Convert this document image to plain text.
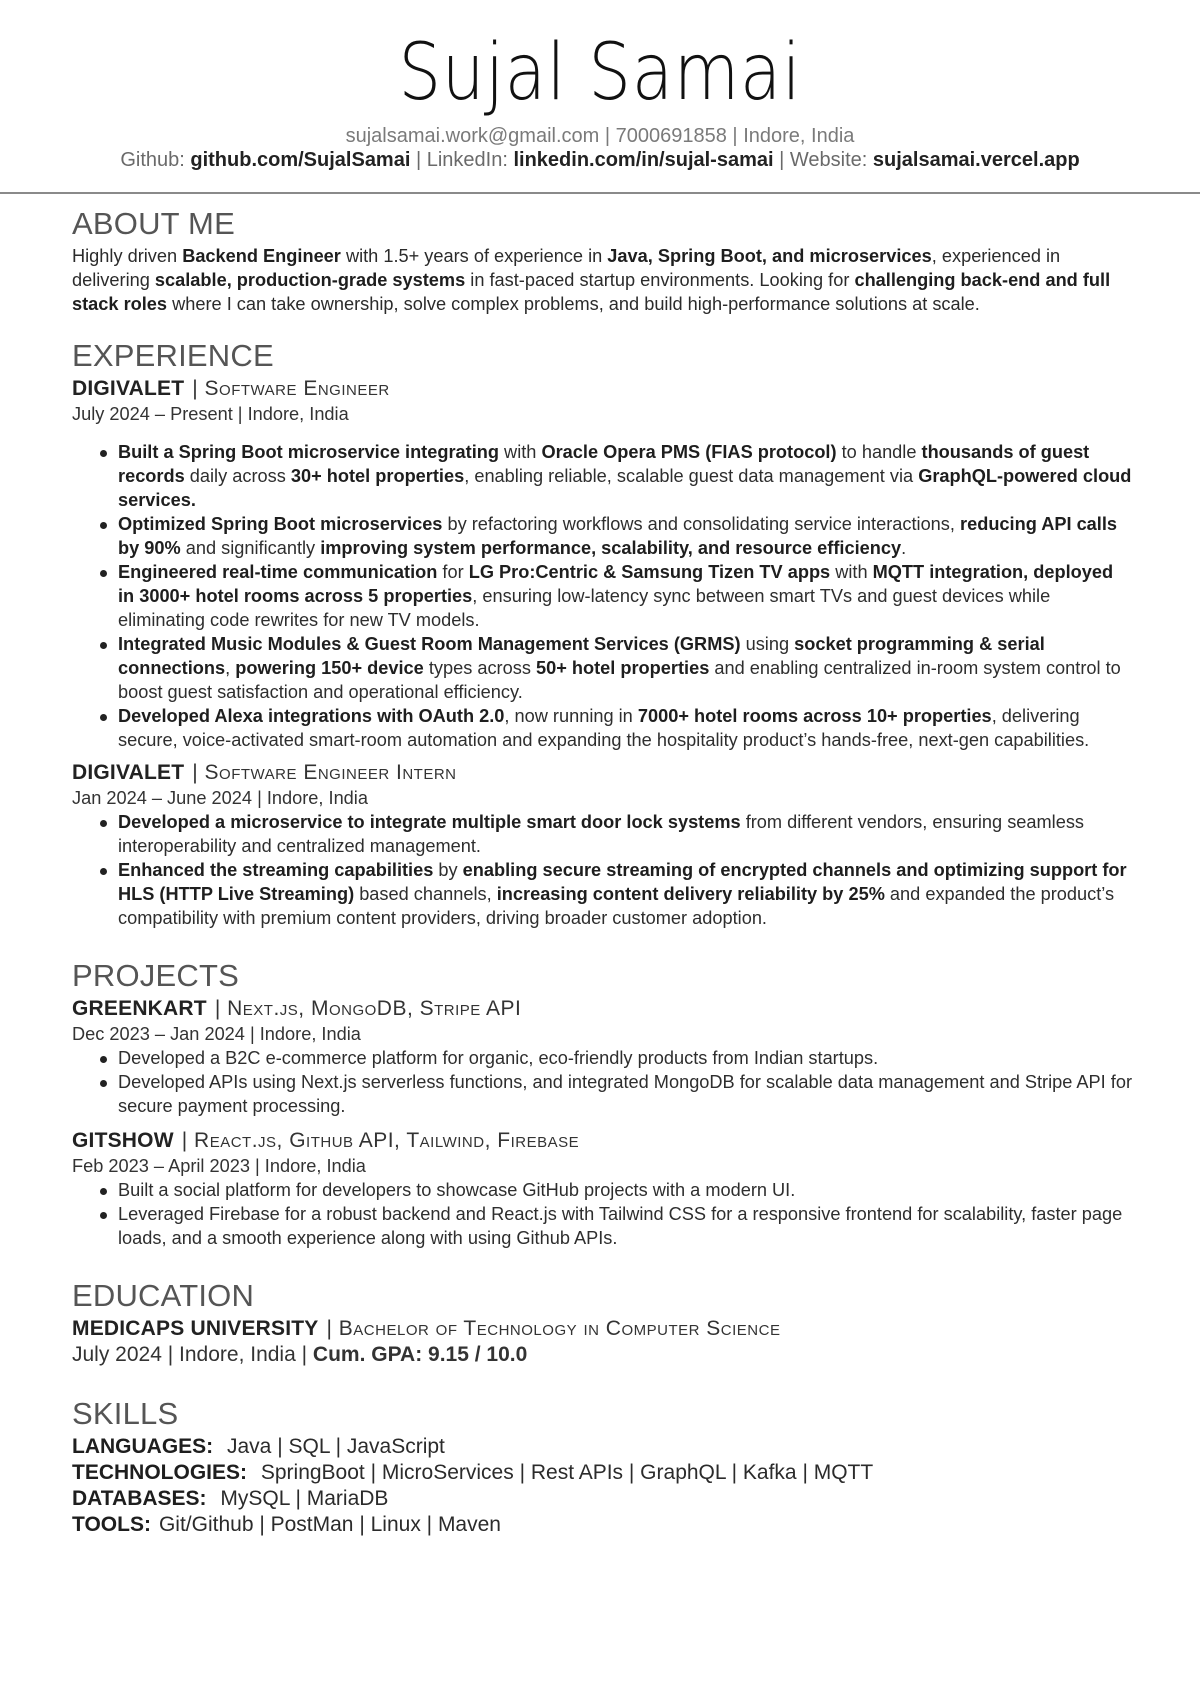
Sujal Samai
sujalsamai.work@gmail.com | 7000691858 | Indore, India
Github: github.com/SujalSamai | LinkedIn: linkedin.com/in/sujal-samai | Website: sujalsamai.vercel.app
ABOUT ME

Highly driven Backend Engineer with 1.5+ years of experience in Java, Spring Boot, and microservices, experienced in delivering scalable, production-grade systems in fast-paced startup environments. Looking for challenging back-end and full stack roles where I can take ownership, solve complex problems, and build high-performance solutions at scale.

EXPERIENCE
DIGIVALET | Software Engineer
July 2024 – Present | Indore, India
Built a Spring Boot microservice integrating with Oracle Opera PMS (FIAS protocol) to handle thousands of guest records daily across 30+ hotel properties, enabling reliable, scalable guest data management via GraphQL-powered cloud services.
Optimized Spring Boot microservices by refactoring workflows and consolidating service interactions, reducing API calls by 90% and significantly improving system performance, scalability, and resource efficiency.
Engineered real-time communication for LG Pro:Centric & Samsung Tizen TV apps with MQTT integration, deployed in 3000+ hotel rooms across 5 properties, ensuring low-latency sync between smart TVs and guest devices while eliminating code rewrites for new TV models.
Integrated Music Modules & Guest Room Management Services (GRMS) using socket programming & serial connections, powering 150+ device types across 50+ hotel properties and enabling centralized in-room system control to boost guest satisfaction and operational efficiency.
Developed Alexa integrations with OAuth 2.0, now running in 7000+ hotel rooms across 10+ properties, delivering secure, voice-activated smart-room automation and expanding the hospitality product’s hands-free, next-gen capabilities.
DIGIVALET | Software Engineer Intern
Jan 2024 – June 2024 | Indore, India
Developed a microservice to integrate multiple smart door lock systems from different vendors, ensuring seamless interoperability and centralized management.
Enhanced the streaming capabilities by enabling secure streaming of encrypted channels and optimizing support for HLS (HTTP Live Streaming) based channels, increasing content delivery reliability by 25% and expanded the product’s compatibility with premium content providers, driving broader customer adoption.
PROJECTS
GREENKART | Next.js, MongoDB, Stripe API
Dec 2023 – Jan 2024 | Indore, India
Developed a B2C e-commerce platform for organic, eco-friendly products from Indian startups.
Developed APIs using Next.js serverless functions, and integrated MongoDB for scalable data management and Stripe API for secure payment processing.
GITSHOW | React.js, Github API, Tailwind, Firebase
Feb 2023 – April 2023 | Indore, India
Built a social platform for developers to showcase GitHub projects with a modern UI.
Leveraged Firebase for a robust backend and React.js with Tailwind CSS for a responsive frontend for scalability, faster page loads, and a smooth experience along with using Github APIs.
EDUCATION
MEDICAPS UNIVERSITY | Bachelor of Technology in Computer Science
July 2024 | Indore, India | Cum. GPA: 9.15 / 10.0
SKILLS
LANGUAGES: Java | SQL | JavaScript
TECHNOLOGIES: SpringBoot | MicroServices | Rest APIs | GraphQL | Kafka | MQTT
DATABASES: MySQL | MariaDB
TOOLS: Git/Github | PostMan | Linux | Maven
